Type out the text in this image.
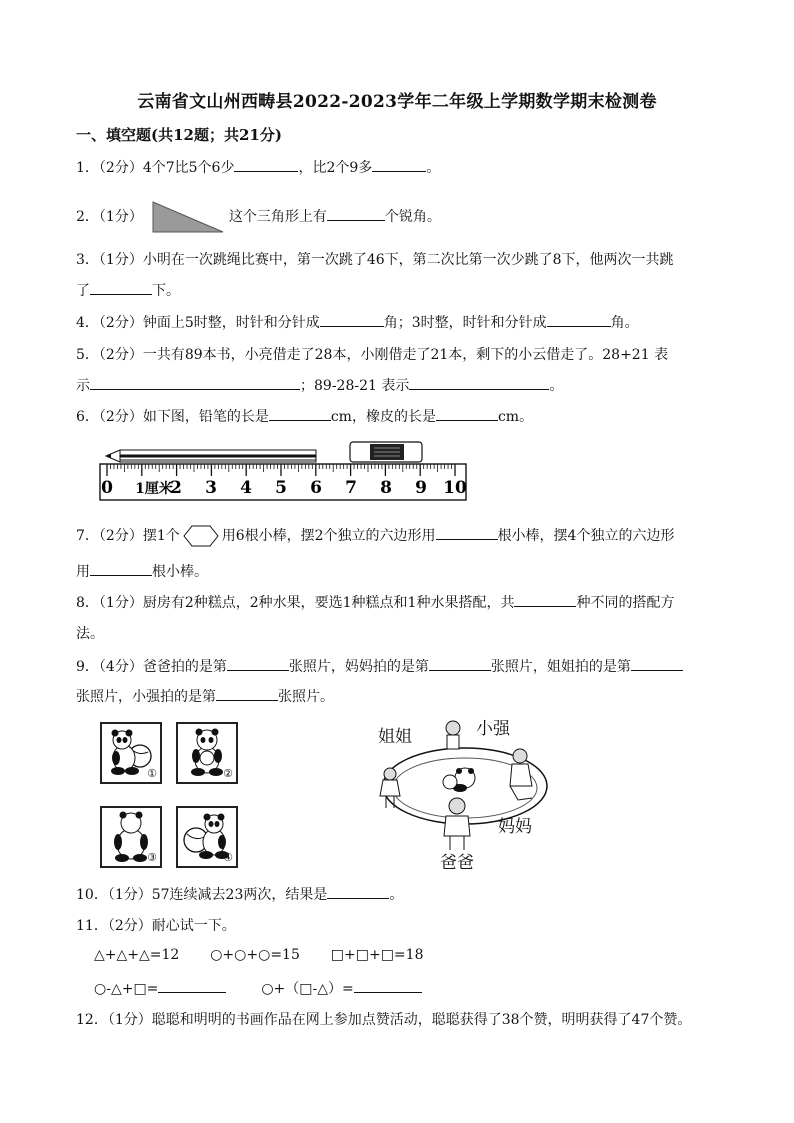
云南省文山州西畴县2022-2023学年二年级上学期数学期末检测卷
一、填空题(共12题；共21分)
1．（2分）4个7比5个6少	，比2个9多	。
2．（1分）	这个三角形上有	个锐角。
3．（1分）小明在一次跳绳比赛中，第一次跳了46下，第二次比第一次少跳了8下，他两次一共跳
了	下。
4．（2分）钟面上5时整，时针和分针成	角；3时整，时针和分针成	角。
5．（2分）一共有89本书，小亮借走了28本，小刚借走了21本，剩下的小云借走了。28+21 表
示	；89-28-21 表示	。
6．（2分）如下图，铅笔的长是	cm，橡皮的长是	cm。
0 1厘米
2 3 4 5 6 7 8 9 10
7．（2分）摆1个	用6根小棒，摆2个独立的六边形用	根小棒，摆4个独立的六边形
用	根小棒。
8．（1分）厨房有2种糕点，2种水果，要选1种糕点和1种水果搭配，共	种不同的搭配方
法。
9．（4分）爸爸拍的是第	张照片，妈妈拍的是第	张照片，姐姐拍的是第
张照片，小强拍的是第	张照片。
①	②
③	④
姐姐	小强
妈妈
爸爸
10．（1分）57连续减去23两次，结果是	。
11．（2分）耐心试一下。
△+△+△=12 ○+○+○=15 □+□+□=18
○-△+□=	○+（□-△）=
12．（1分）聪聪和明明的书画作品在网上参加点赞活动，聪聪获得了38个赞，明明获得了47个赞。
